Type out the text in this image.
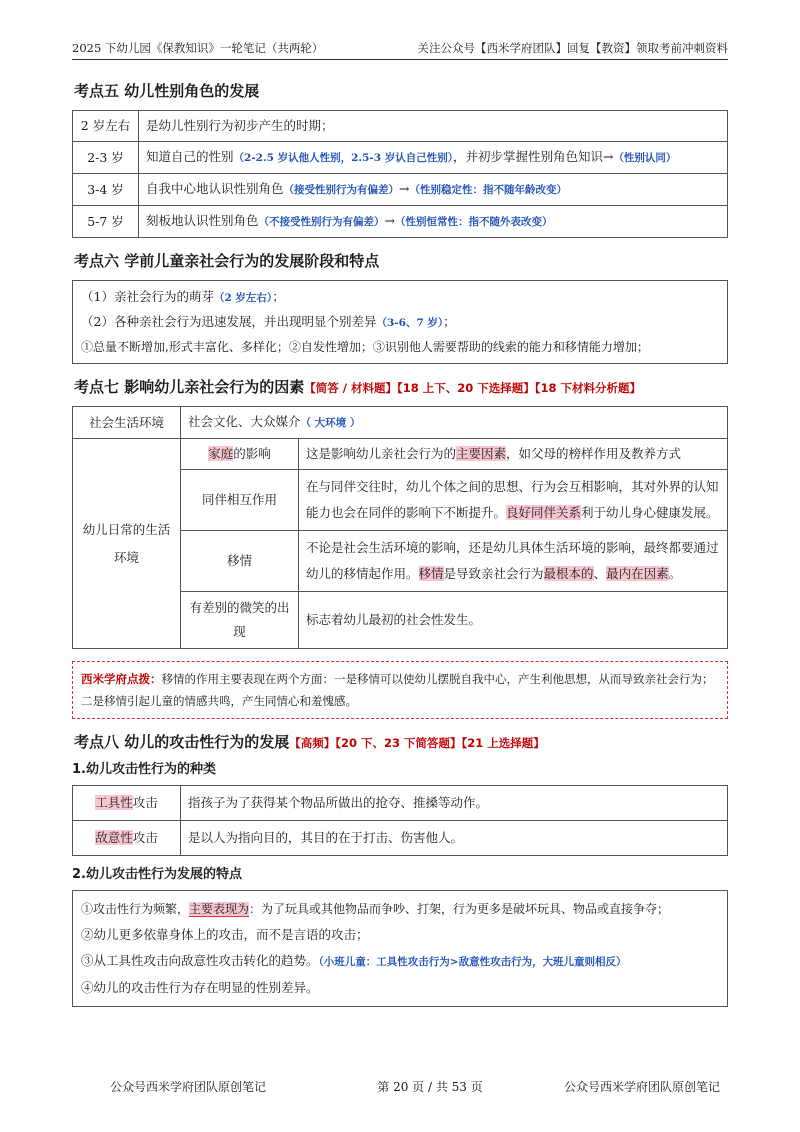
2025 下幼儿园《保教知识》一轮笔记（共两轮）	关注公众号【西米学府团队】回复【教资】领取考前冲刺资料
考点五 幼儿性别角色的发展
2 岁左右	是幼儿性别行为初步产生的时期；
2-3 岁	知道自己的性别（2-2.5 岁认他人性别，2.5-3 岁认自己性别），并初步掌握性别角色知识→（性别认同）
3-4 岁	自我中心地认识性别角色（接受性别行为有偏差）→（性别稳定性：指不随年龄改变）
5-7 岁	刻板地认识性别角色（不接受性别行为有偏差）→（性别恒常性：指不随外表改变）
考点六 学前儿童亲社会行为的发展阶段和特点

（1）亲社会行为的萌芽（2 岁左右）；

（2）各种亲社会行为迅速发展，并出现明显个别差异（3-6、7 岁）；

①总量不断增加,形式丰富化、多样化；②自发性增加；③识别他人需要帮助的线索的能力和移情能力增加；

考点七 影响幼儿亲社会行为的因素【简答 / 材料题】【18 上下、20 下选择题】【18 下材料分析题】
社会生活环境	社会文化、大众媒介（ 大环境 ）	
幼儿日常的生活环境	家庭的影响	这是影响幼儿亲社会行为的主要因素，如父母的榜样作用及教养方式
	同伴相互作用	在与同伴交往时，幼儿个体之间的思想、行为会互相影响，其对外界的认知能力也会在同伴的影响下不断提升。良好同伴关系利于幼儿身心健康发展。
	移情	不论是社会生活环境的影响，还是幼儿具体生活环境的影响，最终都要通过幼儿的移情起作用。移情是导致亲社会行为最根本的、最内在因素。
	有差别的微笑的出现	标志着幼儿最初的社会性发生。
西米学府点拨：移情的作用主要表现在两个方面：一是移情可以使幼儿摆脱自我中心，产生利他思想，从而导致亲社会行为；二是移情引起儿童的情感共鸣，产生同情心和羞愧感。
考点八 幼儿的攻击性行为的发展【高频】【20 下、23 下简答题】【21 上选择题】
1.幼儿攻击性行为的种类
工具性攻击	指孩子为了获得某个物品所做出的抢夺、推搡等动作。
敌意性攻击	是以人为指向目的，其目的在于打击、伤害他人。
2.幼儿攻击性行为发展的特点

①攻击性行为频繁，主要表现为：为了玩具或其他物品而争吵、打架，行为更多是破坏玩具、物品或直接争夺；

②幼儿更多依靠身体上的攻击，而不是言语的攻击；

③从工具性攻击向敌意性攻击转化的趋势。（小班儿童：工具性攻击行为>敌意性攻击行为，大班儿童则相反）

④幼儿的攻击性行为存在明显的性别差异。

公众号西米学府团队原创笔记	第 20 页 / 共 53 页	公众号西米学府团队原创笔记
